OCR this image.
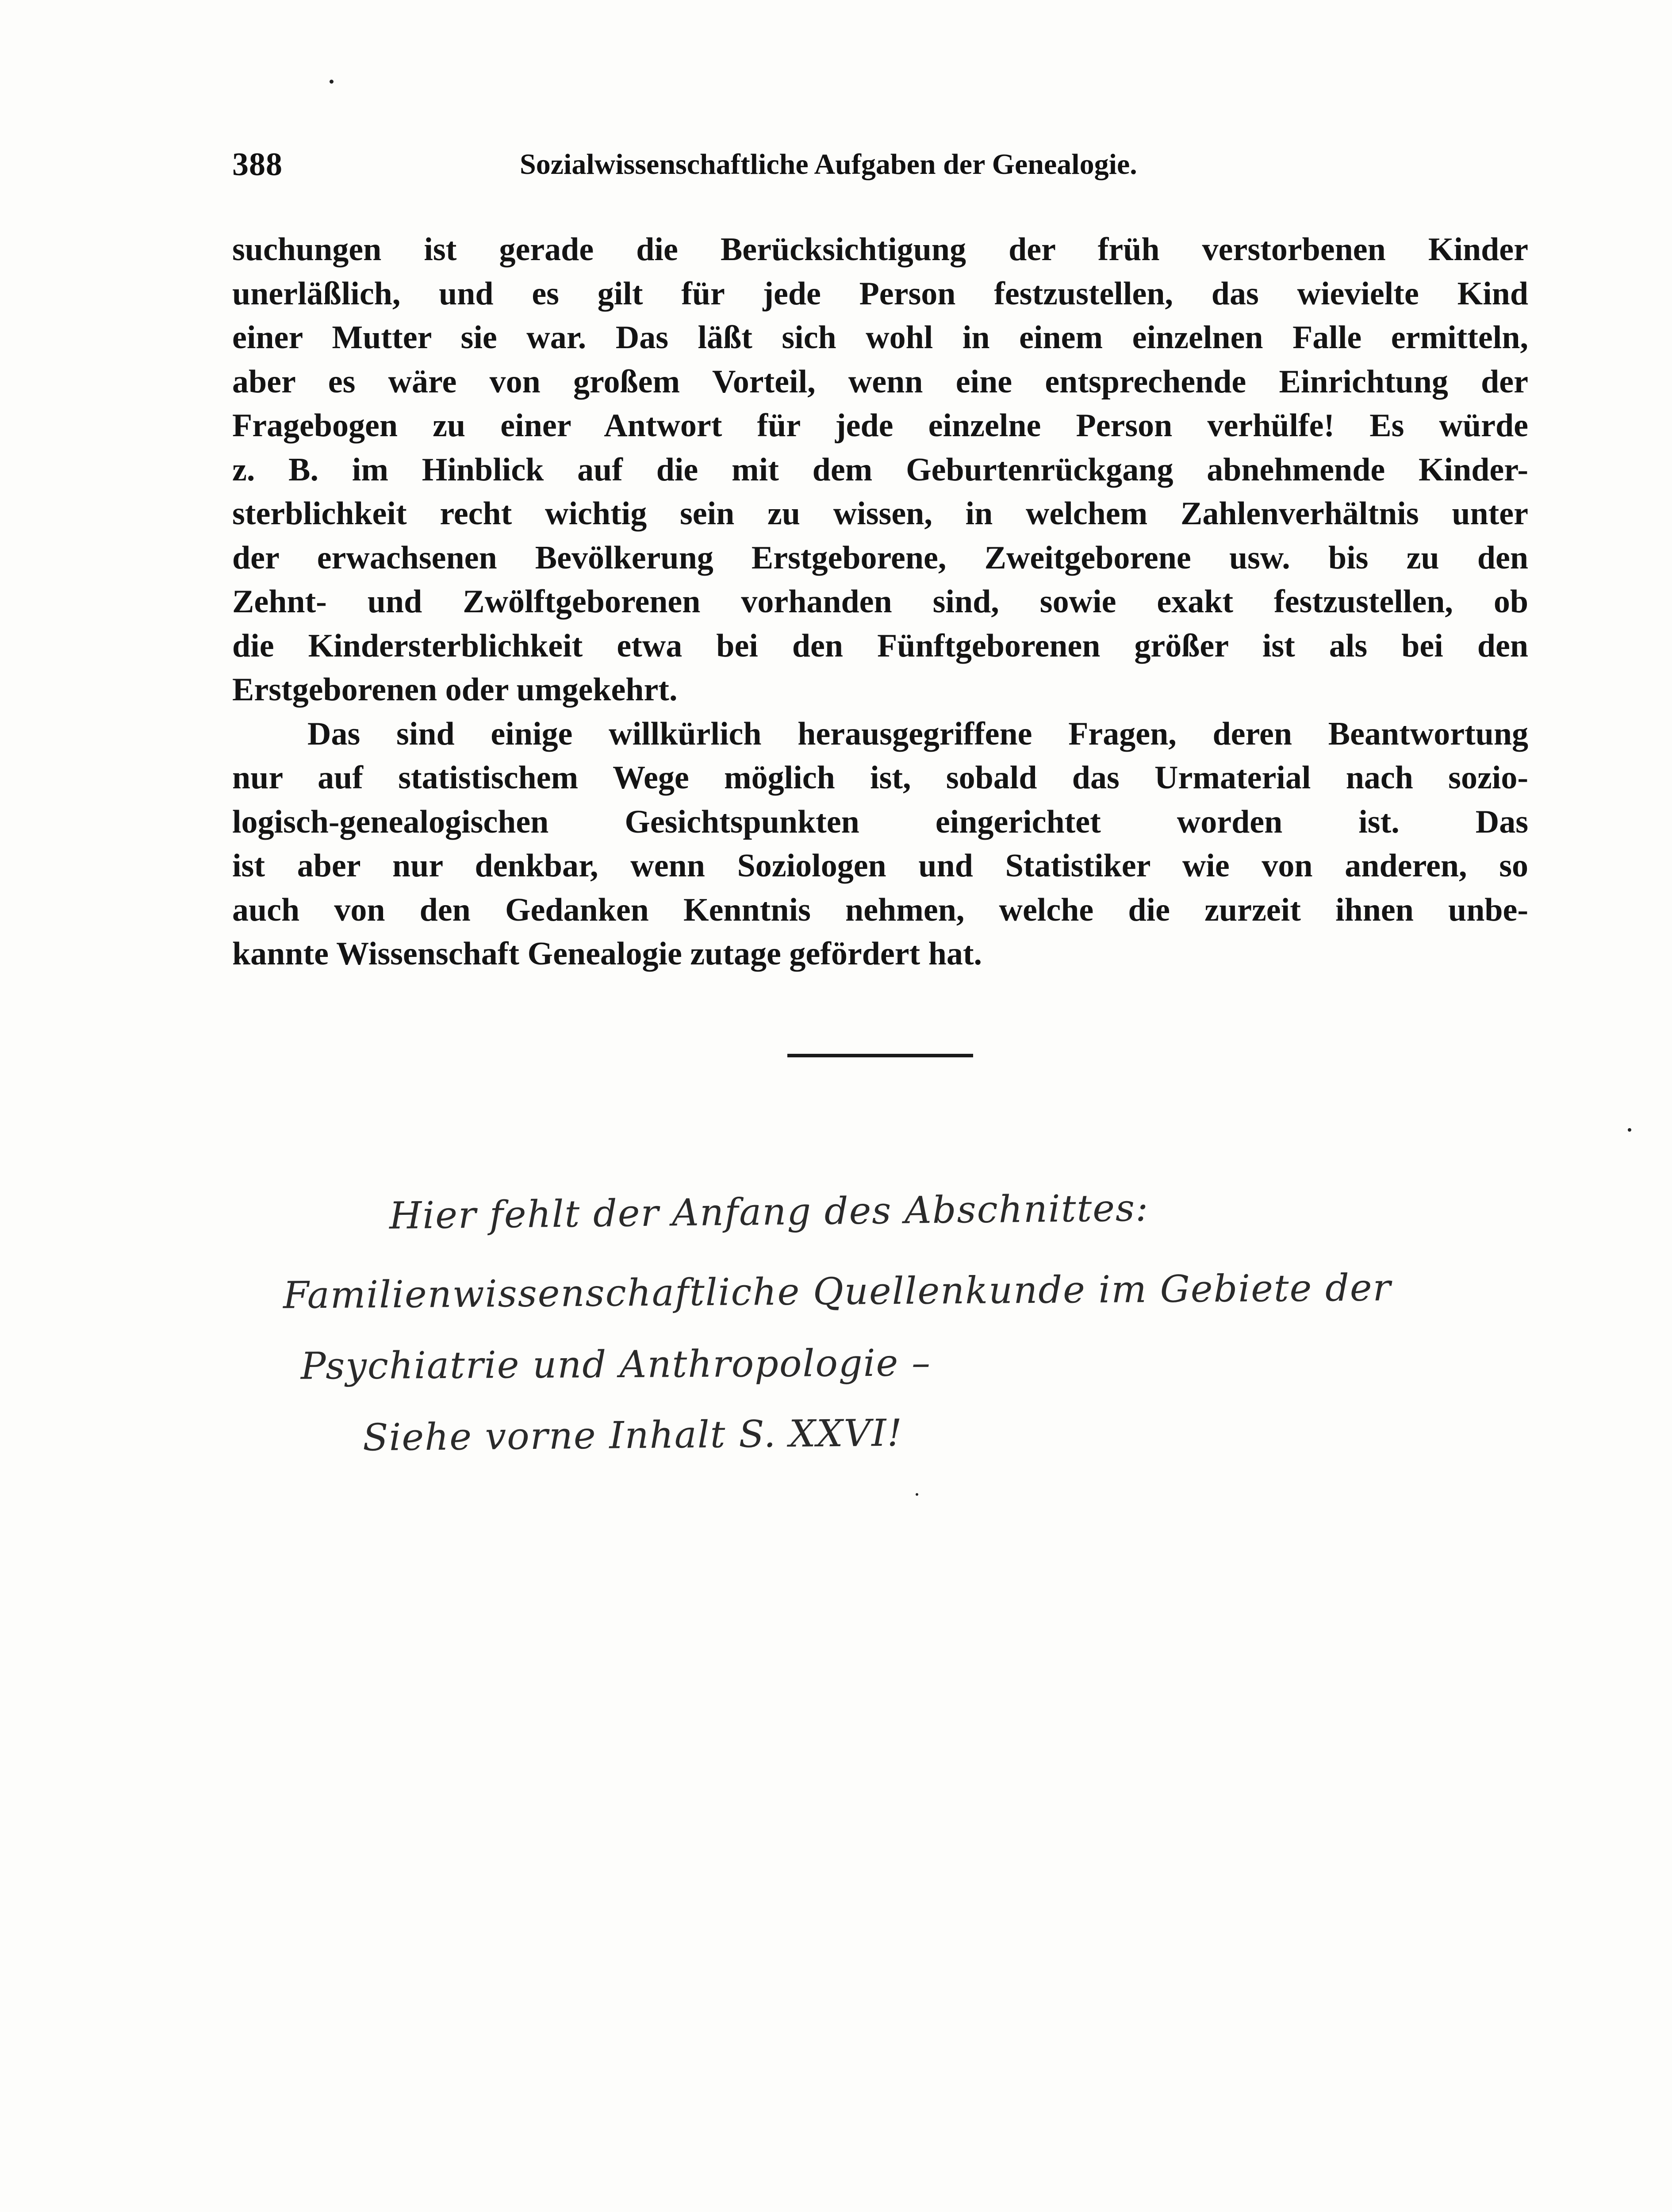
388	Sozialwissenschaftliche Aufgaben der Genealogie.
suchungen ist gerade die Berücksichtigung der früh verstorbenen Kinder
unerläßlich, und es gilt für jede Person festzustellen, das wievielte Kind
einer Mutter sie war. Das läßt sich wohl in einem einzelnen Falle ermitteln,
aber es wäre von großem Vorteil, wenn eine entsprechende Einrichtung der
Fragebogen zu einer Antwort für jede einzelne Person verhülfe! Es würde
z. B. im Hinblick auf die mit dem Geburtenrückgang abnehmende Kinder-
sterblichkeit recht wichtig sein zu wissen, in welchem Zahlenverhältnis unter
der erwachsenen Bevölkerung Erstgeborene, Zweitgeborene usw. bis zu den
Zehnt- und Zwölftgeborenen vorhanden sind, sowie exakt festzustellen, ob
die Kindersterblichkeit etwa bei den Fünftgeborenen größer ist als bei den
Erstgeborenen oder umgekehrt.
Das sind einige willkürlich herausgegriffene Fragen, deren Beantwortung
nur auf statistischem Wege möglich ist, sobald das Urmaterial nach sozio-
logisch-genealogischen Gesichtspunkten eingerichtet worden ist. Das
ist aber nur denkbar, wenn Soziologen und Statistiker wie von anderen, so
auch von den Gedanken Kenntnis nehmen, welche die zurzeit ihnen unbe-
kannte Wissenschaft Genealogie zutage gefördert hat.
Hier fehlt der Anfang des Abschnittes:
Familienwissenschaftliche Quellenkunde im Gebiete der
Psychiatrie und Anthropologie –
Siehe vorne Inhalt S. XXVI!
